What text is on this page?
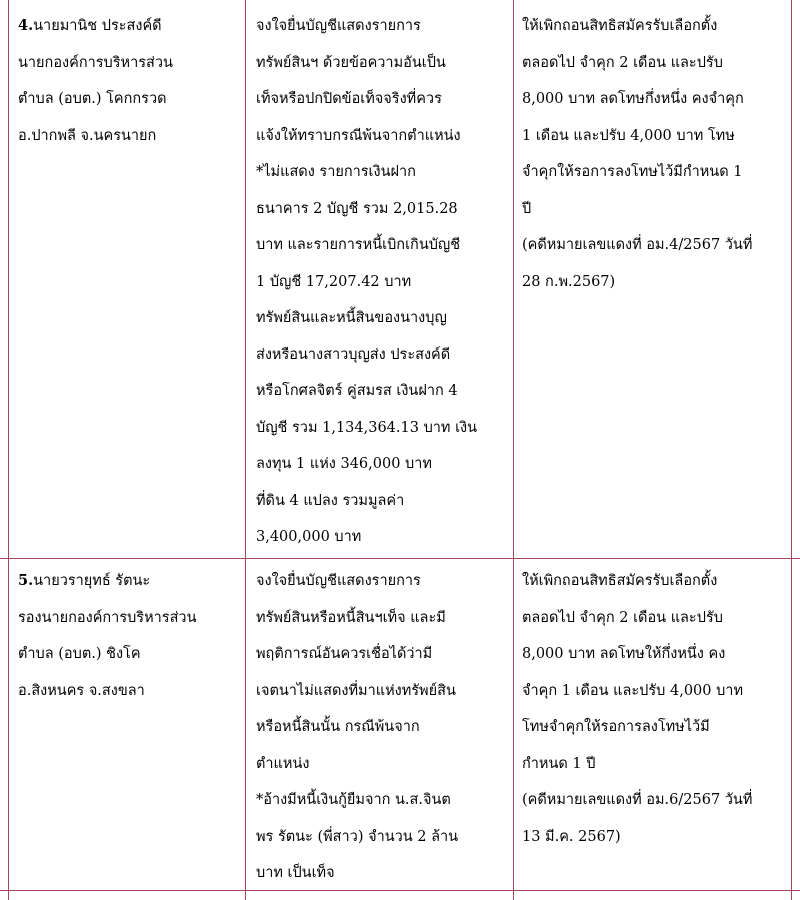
4.นายมานิช ประสงค์ดี
นายกองค์การบริหารส่วน
ตำบล (อบต.) โคกกรวด
อ.ปากพลี จ.นครนายก
จงใจยื่นบัญชีแสดงรายการ
ทรัพย์สินฯ ด้วยข้อความอันเป็น
เท็จหรือปกปิดข้อเท็จจริงที่ควร
แจ้งให้ทราบกรณีพ้นจากตำแหน่ง
*ไม่แสดง รายการเงินฝาก
ธนาคาร 2 บัญชี รวม 2,015.28
บาท และรายการหนี้เบิกเกินบัญชี
1 บัญชี 17,207.42 บาท
ทรัพย์สินและหนี้สินของนางบุญ
ส่งหรือนางสาวบุญส่ง ประสงค์ดี
หรือโกศลจิตร์ คู่สมรส เงินฝาก 4
บัญชี รวม 1,134,364.13 บาท เงิน
ลงทุน 1 แห่ง 346,000 บาท
ที่ดิน 4 แปลง รวมมูลค่า
3,400,000 บาท
ให้เพิกถอนสิทธิสมัครรับเลือกตั้ง
ตลอดไป จำคุก 2 เดือน และปรับ
8,000 บาท ลดโทษกึ่งหนึ่ง คงจำคุก
1 เดือน และปรับ 4,000 บาท โทษ
จำคุกให้รอการลงโทษไว้มีกำหนด 1
ปี
(คดีหมายเลขแดงที่ อม.4/2567 วันที่
28 ก.พ.2567)
5.นายวรายุทธ์ รัตนะ
รองนายกองค์การบริหารส่วน
ตำบล (อบต.) ชิงโค
อ.สิงหนคร จ.สงขลา
จงใจยื่นบัญชีแสดงรายการ
ทรัพย์สินหรือหนี้สินฯเท็จ และมี
พฤติการณ์อันควรเชื่อได้ว่ามี
เจตนาไม่แสดงที่มาแห่งทรัพย์สิน
หรือหนี้สินนั้น กรณีพ้นจาก
ตำแหน่ง
*อ้างมีหนี้เงินกู้ยืมจาก น.ส.จินต
พร รัตนะ (พี่สาว) จำนวน 2 ล้าน
บาท เป็นเท็จ
ให้เพิกถอนสิทธิสมัครรับเลือกตั้ง
ตลอดไป จำคุก 2 เดือน และปรับ
8,000 บาท ลดโทษให้กึ่งหนึ่ง คง
จำคุก 1 เดือน และปรับ 4,000 บาท
โทษจำคุกให้รอการลงโทษไว้มี
กำหนด 1 ปี
(คดีหมายเลขแดงที่ อม.6/2567 วันที่
13 มี.ค. 2567)
